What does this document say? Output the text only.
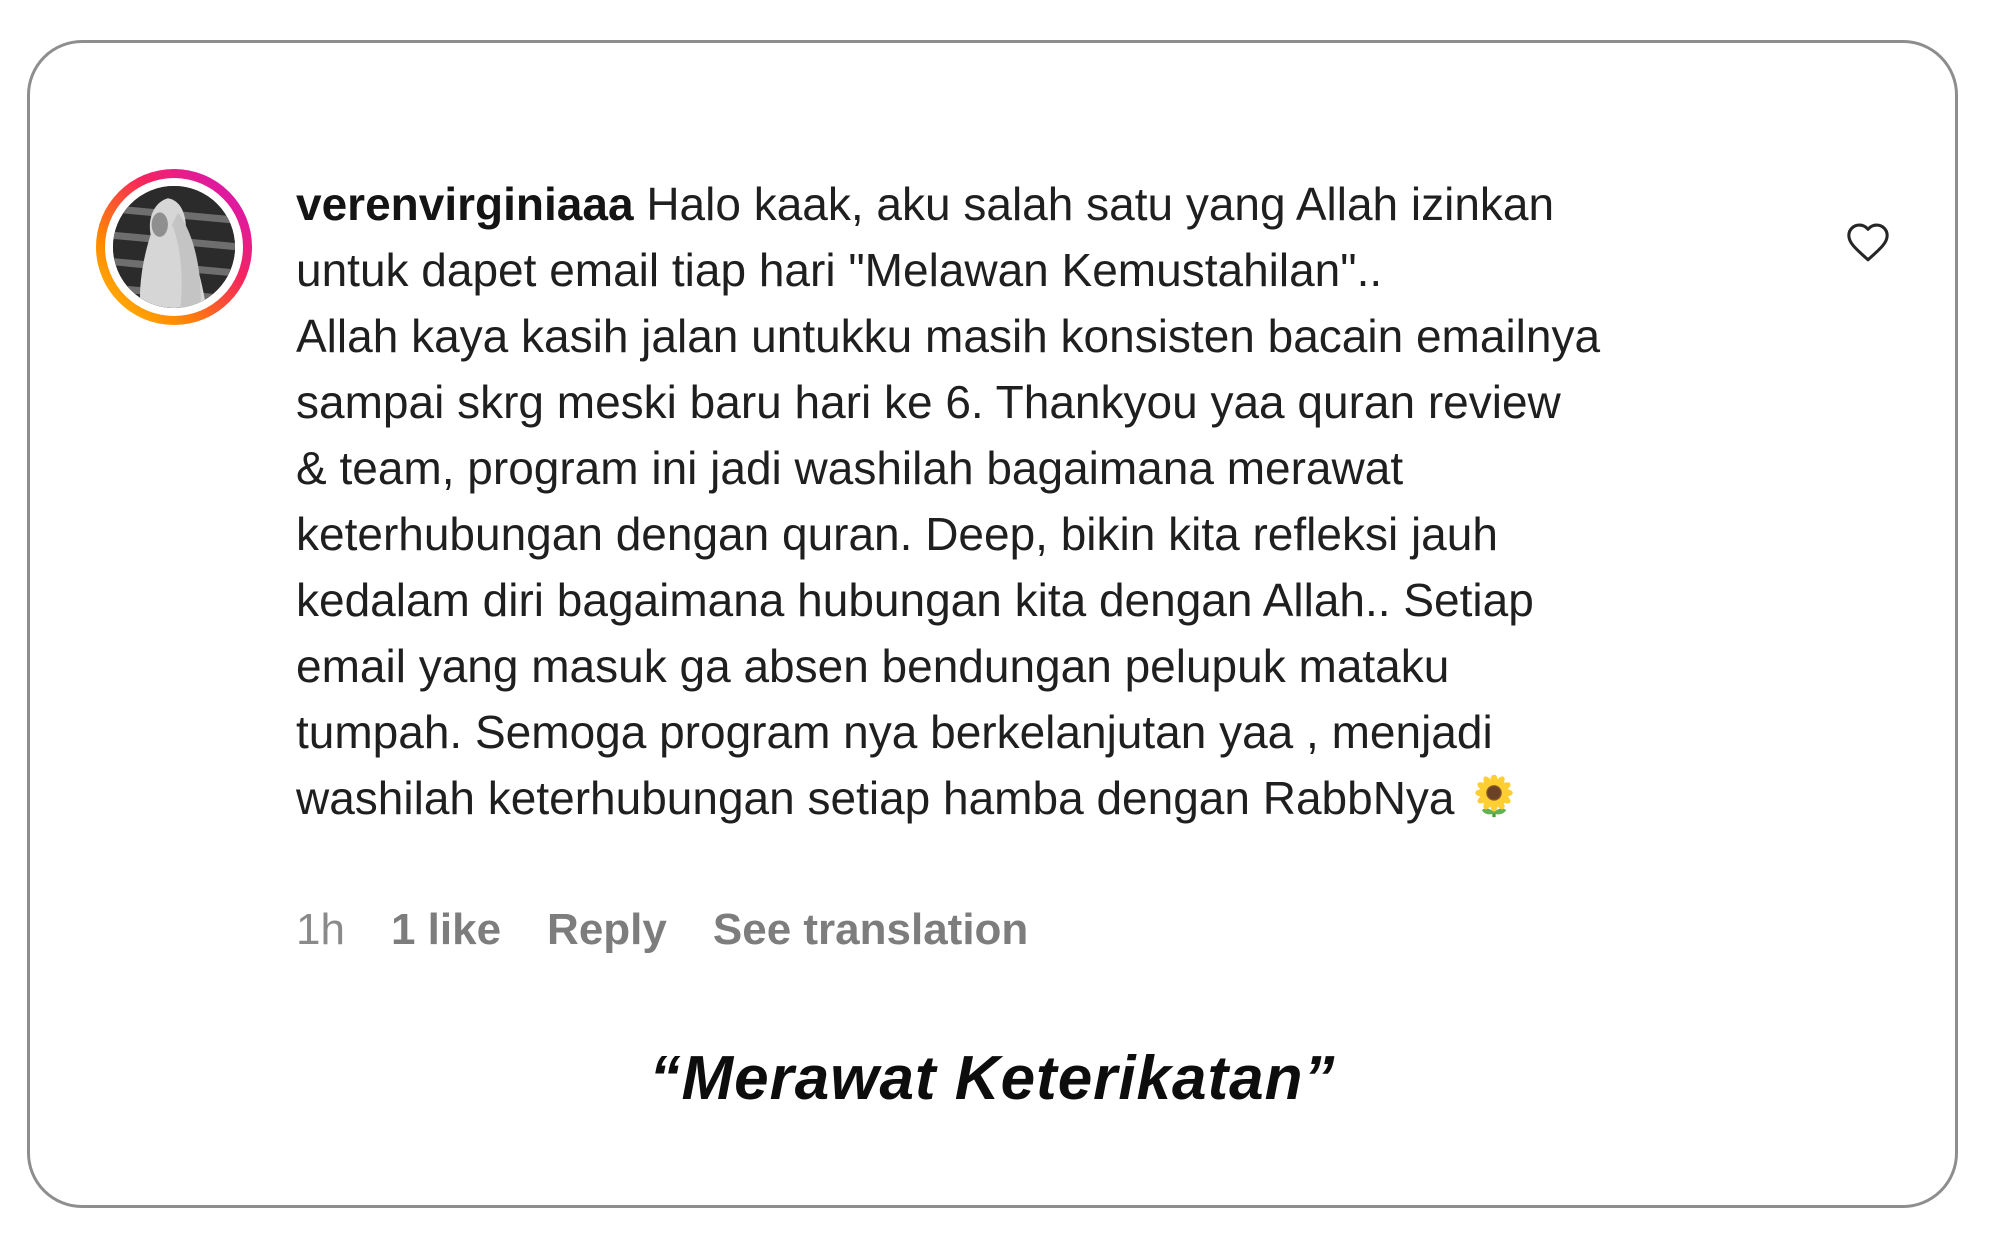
verenvirginiaaa Halo kaak, aku salah satu yang Allah izinkan
untuk dapet email tiap hari "Melawan Kemustahilan"..
Allah kaya kasih jalan untukku masih konsisten bacain emailnya
sampai skrg meski baru hari ke 6. Thankyou yaa quran review
& team, program ini jadi washilah bagaimana merawat
keterhubungan dengan quran. Deep, bikin kita refleksi jauh
kedalam diri bagaimana hubungan kita dengan Allah.. Setiap
email yang masuk ga absen bendungan pelupuk mataku
tumpah. Semoga program nya berkelanjutan yaa , menjadi
washilah keterhubungan setiap hamba dengan RabbNya
1h 1 like Reply See translation
“Merawat Keterikatan”
